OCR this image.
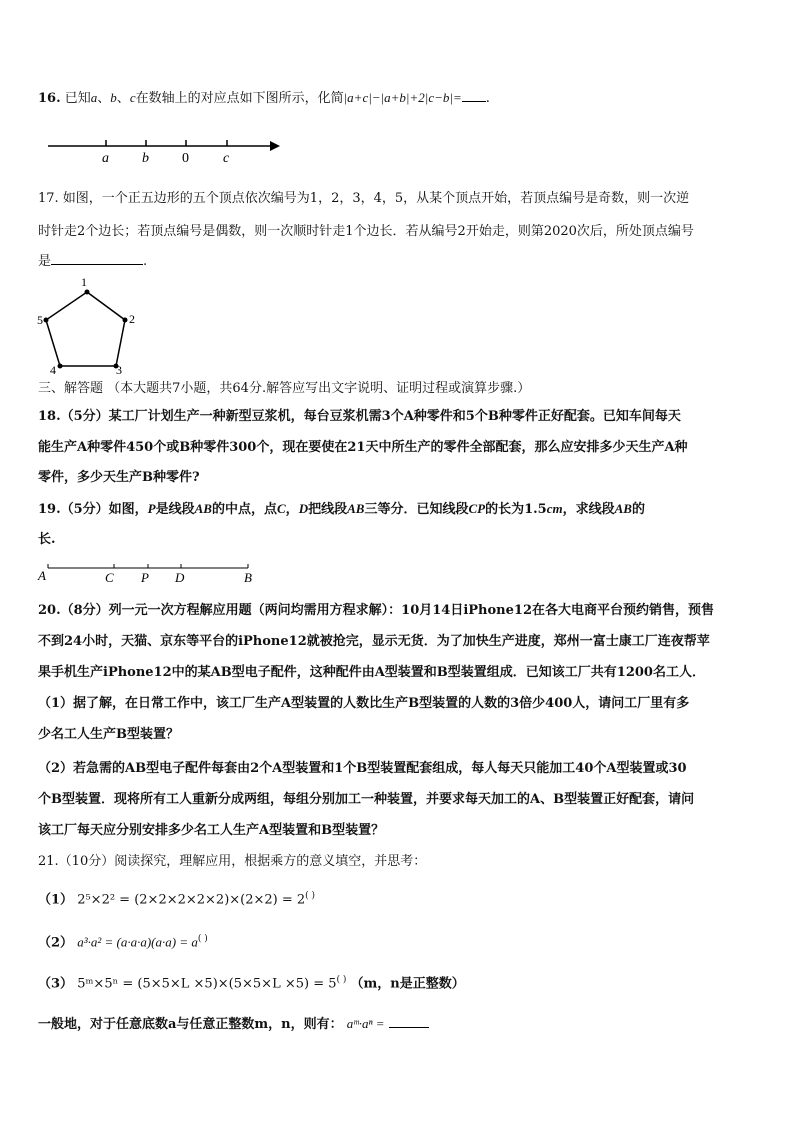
16. 已知a、b、c在数轴上的对应点如下图所示，化简|a+c|−|a+b|+2|c−b|= .
a b 0 c
17. 如图，一个正五边形的五个顶点依次编号为1，2，3，4，5，从某个顶点开始，若顶点编号是奇数，则一次逆
时针走2个边长；若顶点编号是偶数，则一次顺时针走1个边长．若从编号2开始走，则第2020次后，所处顶点编号
是	.
1
2
3
4
5
三、解答题 （本大题共7小题，共64分.解答应写出文字说明、证明过程或演算步骤.）
18.（5分）某工厂计划生产一种新型豆浆机，每台豆浆机需3个A种零件和5个B种零件正好配套。已知车间每天
能生产A种零件450个或B种零件300个，现在要使在21天中所生产的零件全部配套，那么应安排多少天生产A种
零件，多少天生产B种零件?
19.（5分）如图，P是线段AB的中点，点C，D把线段AB三等分．已知线段CP的长为1.5cm，求线段AB的
长.
A	C P D	B
20.（8分）列一元一次方程解应用题（两问均需用方程求解）：10月14日iPhone12在各大电商平台预约销售，预售
不到24小时，天猫、京东等平台的iPhone12就被抢完，显示无货．为了加快生产进度，郑州一富士康工厂连夜帮苹
果手机生产iPhone12中的某AB型电子配件，这种配件由A型装置和B型装置组成．已知该工厂共有1200名工人．
（1）据了解，在日常工作中，该工厂生产A型装置的人数比生产B型装置的人数的3倍少400人，请问工厂里有多
少名工人生产B型装置？
（2）若急需的AB型电子配件每套由2个A型装置和1个B型装置配套组成，每人每天只能加工40个A型装置或30
个B型装置．现将所有工人重新分成两组，每组分别加工一种装置，并要求每天加工的A、B型装置正好配套，请问
该工厂每天应分别安排多少名工人生产A型装置和B型装置？
21.（10分）阅读探究，理解应用，根据乘方的意义填空，并思考：
（1） 2⁵×2² = (2×2×2×2×2)×(2×2) = 2( )
（2） a³·a² = (a·a·a)(a·a) = a( )
（3） 5ᵐ×5ⁿ = (5×5×L ×5)×(5×5×L ×5) = 5( ) （m，n是正整数）
一般地，对于任意底数a与任意正整数m，n，则有： aᵐ·aⁿ =
